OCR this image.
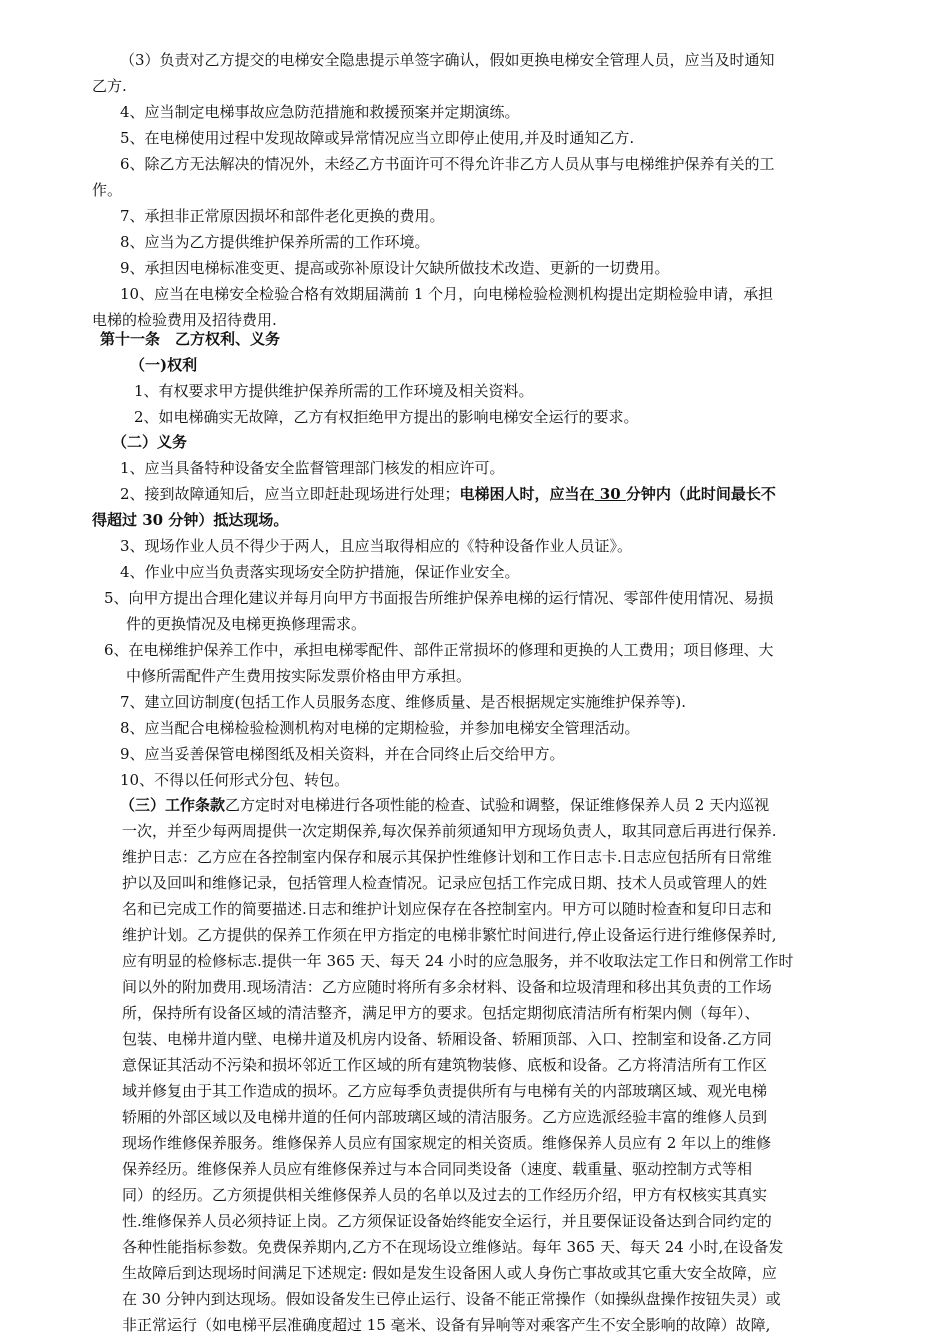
（3）负责对乙方提交的电梯安全隐患提示单签字确认，假如更换电梯安全管理人员，应当及时通知
乙方.
4、应当制定电梯事故应急防范措施和救援预案并定期演练。
5、在电梯使用过程中发现故障或异常情况应当立即停止使用,并及时通知乙方.
6、除乙方无法解决的情况外，未经乙方书面许可不得允许非乙方人员从事与电梯维护保养有关的工
作。
7、承担非正常原因损坏和部件老化更换的费用。
8、应当为乙方提供维护保养所需的工作环境。
9、承担因电梯标准变更、提高或弥补原设计欠缺所做技术改造、更新的一切费用。
10、应当在电梯安全检验合格有效期届满前 1 个月，向电梯检验检测机构提出定期检验申请，承担
电梯的检验费用及招待费用.
第十一条　乙方权利、义务
（一)权利
1、有权要求甲方提供维护保养所需的工作环境及相关资料。
2、如电梯确实无故障，乙方有权拒绝甲方提出的影响电梯安全运行的要求。
（二）义务
1、应当具备特种设备安全监督管理部门核发的相应许可。
2、接到故障通知后，应当立即赶赴现场进行处理；电梯困人时，应当在 30 分钟内（此时间最长不
得超过 30 分钟）抵达现场。
3、现场作业人员不得少于两人，且应当取得相应的《特种设备作业人员证》。
4、作业中应当负责落实现场安全防护措施，保证作业安全。
5、向甲方提出合理化建议并每月向甲方书面报告所维护保养电梯的运行情况、零部件使用情况、易损
件的更换情况及电梯更换修理需求。
6、在电梯维护保养工作中，承担电梯零配件、部件正常损坏的修理和更换的人工费用；项目修理、大
中修所需配件产生费用按实际发票价格由甲方承担。
7、建立回访制度(包括工作人员服务态度、维修质量、是否根据规定实施维护保养等).
8、应当配合电梯检验检测机构对电梯的定期检验，并参加电梯安全管理活动。
9、应当妥善保管电梯图纸及相关资料，并在合同终止后交给甲方。
10、不得以任何形式分包、转包。
（三）工作条款乙方定时对电梯进行各项性能的检查、试验和调整，保证维修保养人员 2 天内巡视
一次，并至少每两周提供一次定期保养,每次保养前须通知甲方现场负责人，取其同意后再进行保养.
维护日志：乙方应在各控制室内保存和展示其保护性维修计划和工作日志卡.日志应包括所有日常维
护以及回叫和维修记录，包括管理人检查情况。记录应包括工作完成日期、技术人员或管理人的姓
名和已完成工作的简要描述.日志和维护计划应保存在各控制室内。甲方可以随时检查和复印日志和
维护计划。乙方提供的保养工作须在甲方指定的电梯非繁忙时间进行,停止设备运行进行维修保养时,
应有明显的检修标志.提供一年 365 天、每天 24 小时的应急服务，并不收取法定工作日和例常工作时
间以外的附加费用.现场清洁：乙方应随时将所有多余材料、设备和垃圾清理和移出其负责的工作场
所，保持所有设备区域的清洁整齐，满足甲方的要求。包括定期彻底清洁所有桁架内侧（每年）、
包装、电梯井道内壁、电梯井道及机房内设备、轿厢设备、轿厢顶部、入口、控制室和设备.乙方同
意保证其活动不污染和损坏邻近工作区域的所有建筑物装修、底板和设备。乙方将清洁所有工作区
域并修复由于其工作造成的损坏。乙方应每季负责提供所有与电梯有关的内部玻璃区域、观光电梯
轿厢的外部区域以及电梯井道的任何内部玻璃区域的清洁服务。乙方应选派经验丰富的维修人员到
现场作维修保养服务。维修保养人员应有国家规定的相关资质。维修保养人员应有 2 年以上的维修
保养经历。维修保养人员应有维修保养过与本合同同类设备（速度、载重量、驱动控制方式等相
同）的经历。乙方须提供相关维修保养人员的名单以及过去的工作经历介绍，甲方有权核实其真实
性.维修保养人员必须持证上岗。乙方须保证设备始终能安全运行，并且要保证设备达到合同约定的
各种性能指标参数。免费保养期内,乙方不在现场设立维修站。每年 365 天、每天 24 小时,在设备发
生故障后到达现场时间满足下述规定: 假如是发生设备困人或人身伤亡事故或其它重大安全故障，应
在 30 分钟内到达现场。假如设备发生已停止运行、设备不能正常操作（如操纵盘操作按钮失灵）或
非正常运行（如电梯平层准确度超过 15 毫米、设备有异响等对乘客产生不安全影响的故障）故障,
